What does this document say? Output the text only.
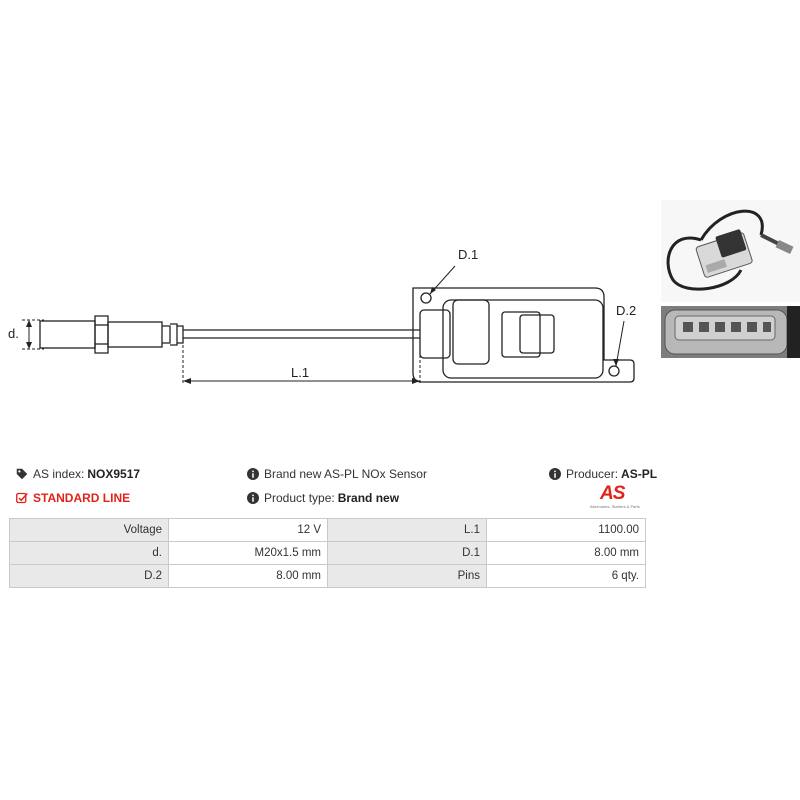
D.1
D.2
d.
L.1
AS index: NOX9517	Brand new AS-PL NOx Sensor	Producer: AS-PL
STANDARD LINE	Product type: Brand new	AS
Alternators, Starters & Parts
Voltage	12 V	L.1	1100.00
d.	M20x1.5 mm	D.1	8.00 mm
D.2	8.00 mm	Pins	6 qty.
